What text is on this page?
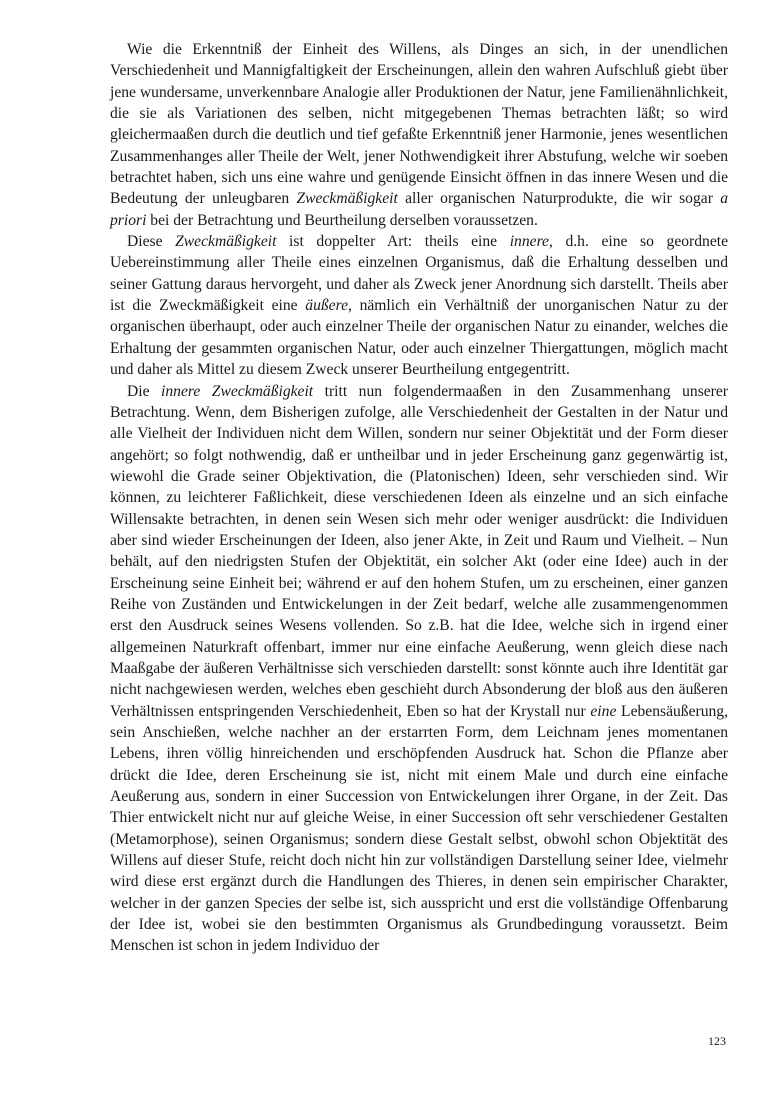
Wie die Erkenntniß der Einheit des Willens, als Dinges an sich, in der unendlichen Verschiedenheit und Mannigfaltigkeit der Erscheinungen, allein den wahren Aufschluß giebt über jene wundersame, unverkennbare Analogie aller Produktionen der Natur, jene Familienähnlichkeit, die sie als Variationen des selben, nicht mitgegebenen Themas betrachten läßt; so wird gleichermaaßen durch die deutlich und tief gefaßte Erkenntniß jener Harmonie, jenes wesentlichen Zusammenhanges aller Theile der Welt, jener Nothwendigkeit ihrer Abstufung, welche wir soeben betrachtet haben, sich uns eine wahre und genügende Einsicht öffnen in das innere Wesen und die Bedeutung der unleugbaren Zweckmäßigkeit aller organischen Naturprodukte, die wir sogar a priori bei der Betrachtung und Beurtheilung derselben voraussetzen.

Diese Zweckmäßigkeit ist doppelter Art: theils eine innere, d.h. eine so geordnete Uebereinstimmung aller Theile eines einzelnen Organismus, daß die Erhaltung desselben und seiner Gattung daraus hervorgeht, und daher als Zweck jener Anordnung sich darstellt. Theils aber ist die Zweckmäßigkeit eine äußere, nämlich ein Verhältniß der unorganischen Natur zu der organischen überhaupt, oder auch einzelner Theile der organischen Natur zu einander, welches die Erhaltung der gesammten organischen Natur, oder auch einzelner Thiergattungen, möglich macht und daher als Mittel zu diesem Zweck unserer Beurtheilung entgegentritt.

Die innere Zweckmäßigkeit tritt nun folgendermaaßen in den Zusammenhang unserer Betrachtung. Wenn, dem Bisherigen zufolge, alle Verschiedenheit der Gestalten in der Natur und alle Vielheit der Individuen nicht dem Willen, sondern nur seiner Objektität und der Form dieser angehört; so folgt nothwendig, daß er untheilbar und in jeder Erscheinung ganz gegenwärtig ist, wiewohl die Grade seiner Objektivation, die (Platonischen) Ideen, sehr verschieden sind. Wir können, zu leichterer Faßlichkeit, diese verschiedenen Ideen als einzelne und an sich einfache Willensakte betrachten, in denen sein Wesen sich mehr oder weniger ausdrückt: die Individuen aber sind wieder Erscheinungen der Ideen, also jener Akte, in Zeit und Raum und Vielheit. – Nun behält, auf den niedrigsten Stufen der Objektität, ein solcher Akt (oder eine Idee) auch in der Erscheinung seine Einheit bei; während er auf den hohem Stufen, um zu erscheinen, einer ganzen Reihe von Zuständen und Entwickelungen in der Zeit bedarf, welche alle zusammengenommen erst den Ausdruck seines Wesens vollenden. So z.B. hat die Idee, welche sich in irgend einer allgemeinen Naturkraft offenbart, immer nur eine einfache Aeußerung, wenn gleich diese nach Maaßgabe der äußeren Verhältnisse sich verschieden darstellt: sonst könnte auch ihre Identität gar nicht nachgewiesen werden, welches eben geschieht durch Absonderung der bloß aus den äußeren Verhältnissen entspringenden Verschiedenheit, Eben so hat der Krystall nur eine Lebensäußerung, sein Anschießen, welche nachher an der erstarrten Form, dem Leichnam jenes momentanen Lebens, ihren völlig hinreichenden und erschöpfenden Ausdruck hat. Schon die Pflanze aber drückt die Idee, deren Erscheinung sie ist, nicht mit einem Male und durch eine einfache Aeußerung aus, sondern in einer Succession von Entwickelungen ihrer Organe, in der Zeit. Das Thier entwickelt nicht nur auf gleiche Weise, in einer Succession oft sehr verschiedener Gestalten (Metamorphose), seinen Organismus; sondern diese Gestalt selbst, obwohl schon Objektität des Willens auf dieser Stufe, reicht doch nicht hin zur vollständigen Darstellung seiner Idee, vielmehr wird diese erst ergänzt durch die Handlungen des Thieres, in denen sein empirischer Charakter, welcher in der ganzen Species der selbe ist, sich ausspricht und erst die vollständige Offenbarung der Idee ist, wobei sie den bestimmten Organismus als Grundbedingung voraussetzt. Beim Menschen ist schon in jedem Individuo der

123
